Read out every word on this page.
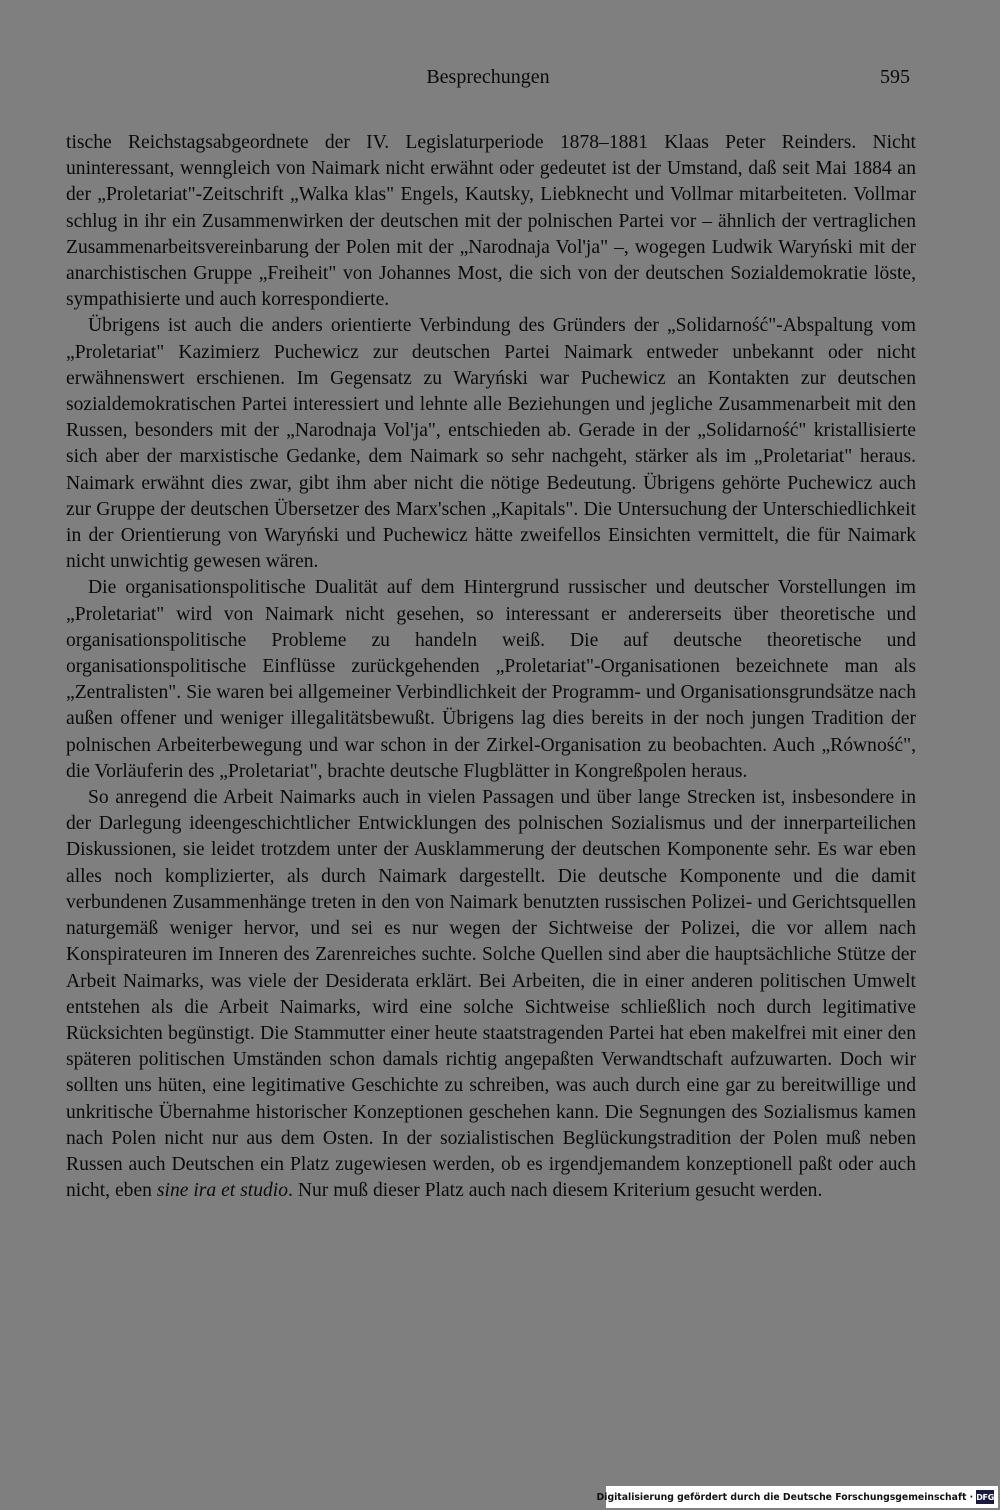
Besprechungen	595

tische Reichstagsabgeordnete der IV. Legislaturperiode 1878–1881 Klaas Peter Reinders. Nicht uninteressant, wenngleich von Naimark nicht erwähnt oder gedeutet ist der Umstand, daß seit Mai 1884 an der „Proletariat"-Zeitschrift „Walka klas" Engels, Kautsky, Liebknecht und Vollmar mitarbeiteten. Vollmar schlug in ihr ein Zusammenwirken der deutschen mit der polnischen Partei vor – ähnlich der vertraglichen Zusammenarbeitsvereinbarung der Polen mit der „Narodnaja Vol'ja" –, wogegen Ludwik Waryński mit der anarchistischen Gruppe „Freiheit" von Johannes Most, die sich von der deutschen Sozialdemokratie löste, sympathisierte und auch korrespondierte.

Übrigens ist auch die anders orientierte Verbindung des Gründers der „Solidarność"-Abspaltung vom „Proletariat" Kazimierz Puchewicz zur deutschen Partei Naimark entweder unbekannt oder nicht erwähnenswert erschienen. Im Gegensatz zu Waryński war Puchewicz an Kontakten zur deutschen sozialdemokratischen Partei interessiert und lehnte alle Beziehungen und jegliche Zusammenarbeit mit den Russen, besonders mit der „Narodnaja Vol'ja", entschieden ab. Gerade in der „Solidarność" kristallisierte sich aber der marxistische Gedanke, dem Naimark so sehr nachgeht, stärker als im „Proletariat" heraus. Naimark erwähnt dies zwar, gibt ihm aber nicht die nötige Bedeutung. Übrigens gehörte Puchewicz auch zur Gruppe der deutschen Übersetzer des Marx'schen „Kapitals". Die Untersuchung der Unterschiedlichkeit in der Orientierung von Waryński und Puchewicz hätte zweifellos Einsichten vermittelt, die für Naimark nicht unwichtig gewesen wären.

Die organisationspolitische Dualität auf dem Hintergrund russischer und deutscher Vorstellungen im „Proletariat" wird von Naimark nicht gesehen, so interessant er andererseits über theoretische und organisationspolitische Probleme zu handeln weiß. Die auf deutsche theoretische und organisationspolitische Einflüsse zurückgehenden „Proletariat"-Organisationen bezeichnete man als „Zentralisten". Sie waren bei allgemeiner Verbindlichkeit der Programm- und Organisationsgrundsätze nach außen offener und weniger illegalitätsbewußt. Übrigens lag dies bereits in der noch jungen Tradition der polnischen Arbeiterbewegung und war schon in der Zirkel-Organisation zu beobachten. Auch „Równość", die Vorläuferin des „Proletariat", brachte deutsche Flugblätter in Kongreßpolen heraus.

So anregend die Arbeit Naimarks auch in vielen Passagen und über lange Strecken ist, insbesondere in der Darlegung ideengeschichtlicher Entwicklungen des polnischen Sozialismus und der innerparteilichen Diskussionen, sie leidet trotzdem unter der Ausklammerung der deutschen Komponente sehr. Es war eben alles noch komplizierter, als durch Naimark dargestellt. Die deutsche Komponente und die damit verbundenen Zusammenhänge treten in den von Naimark benutzten russischen Polizei- und Gerichtsquellen naturgemäß weniger hervor, und sei es nur wegen der Sichtweise der Polizei, die vor allem nach Konspirateuren im Inneren des Zarenreiches suchte. Solche Quellen sind aber die hauptsächliche Stütze der Arbeit Naimarks, was viele der Desiderata erklärt. Bei Arbeiten, die in einer anderen politischen Umwelt entstehen als die Arbeit Naimarks, wird eine solche Sichtweise schließlich noch durch legitimative Rücksichten begünstigt. Die Stammutter einer heute staatstragenden Partei hat eben makelfrei mit einer den späteren politischen Umständen schon damals richtig angepaßten Verwandtschaft aufzuwarten. Doch wir sollten uns hüten, eine legitimative Geschichte zu schreiben, was auch durch eine gar zu bereitwillige und unkritische Übernahme historischer Konzeptionen geschehen kann. Die Segnungen des Sozialismus kamen nach Polen nicht nur aus dem Osten. In der sozialistischen Beglückungstradition der Polen muß neben Russen auch Deutschen ein Platz zugewiesen werden, ob es irgendjemandem konzeptionell paßt oder auch nicht, eben sine ira et studio. Nur muß dieser Platz auch nach diesem Kriterium gesucht werden.

Digitalisierung gefördert durch die Deutsche Forschungsgemeinschaft · DFG
